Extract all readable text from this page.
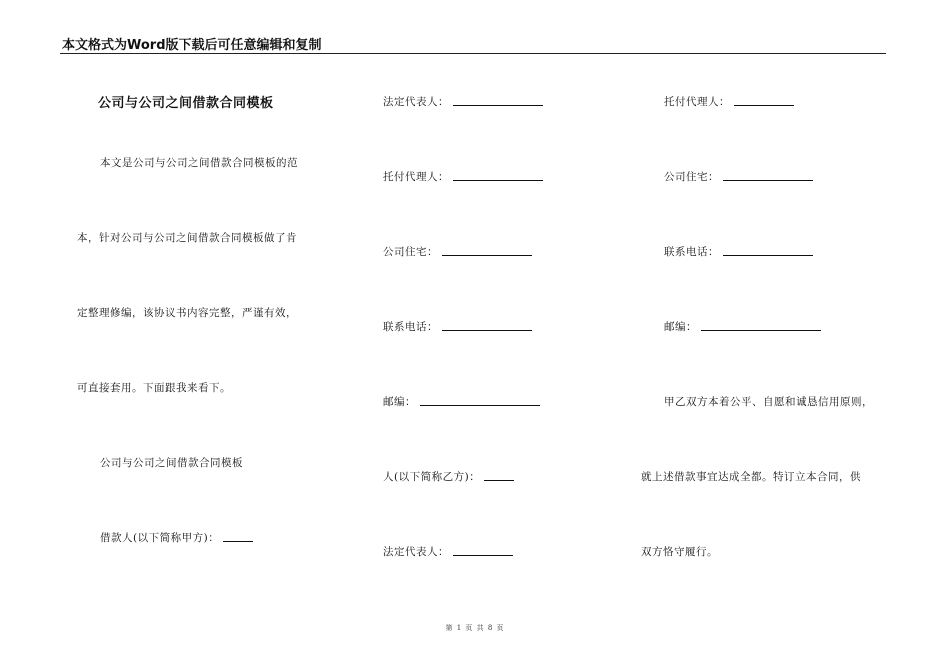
本文格式为Word版下载后可任意编辑和复制
公司与公司之间借款合同模板
本文是公司与公司之间借款合同模板的范
本，针对公司与公司之间借款合同模板做了肯
定整理修编，该协议书内容完整，严谨有效，
可直接套用。下面跟我来看下。
公司与公司之间借款合同模板
借款人(以下简称甲方)：
法定代表人：
托付代理人：
公司住宅：
联系电话：
邮编：
人(以下简称乙方)：
法定代表人：
托付代理人：
公司住宅：
联系电话：
邮编：
甲乙双方本着公平、自愿和诚恳信用原则，
就上述借款事宜达成全都。特订立本合同，供
双方恪守履行。
第 1 页 共 8 页
